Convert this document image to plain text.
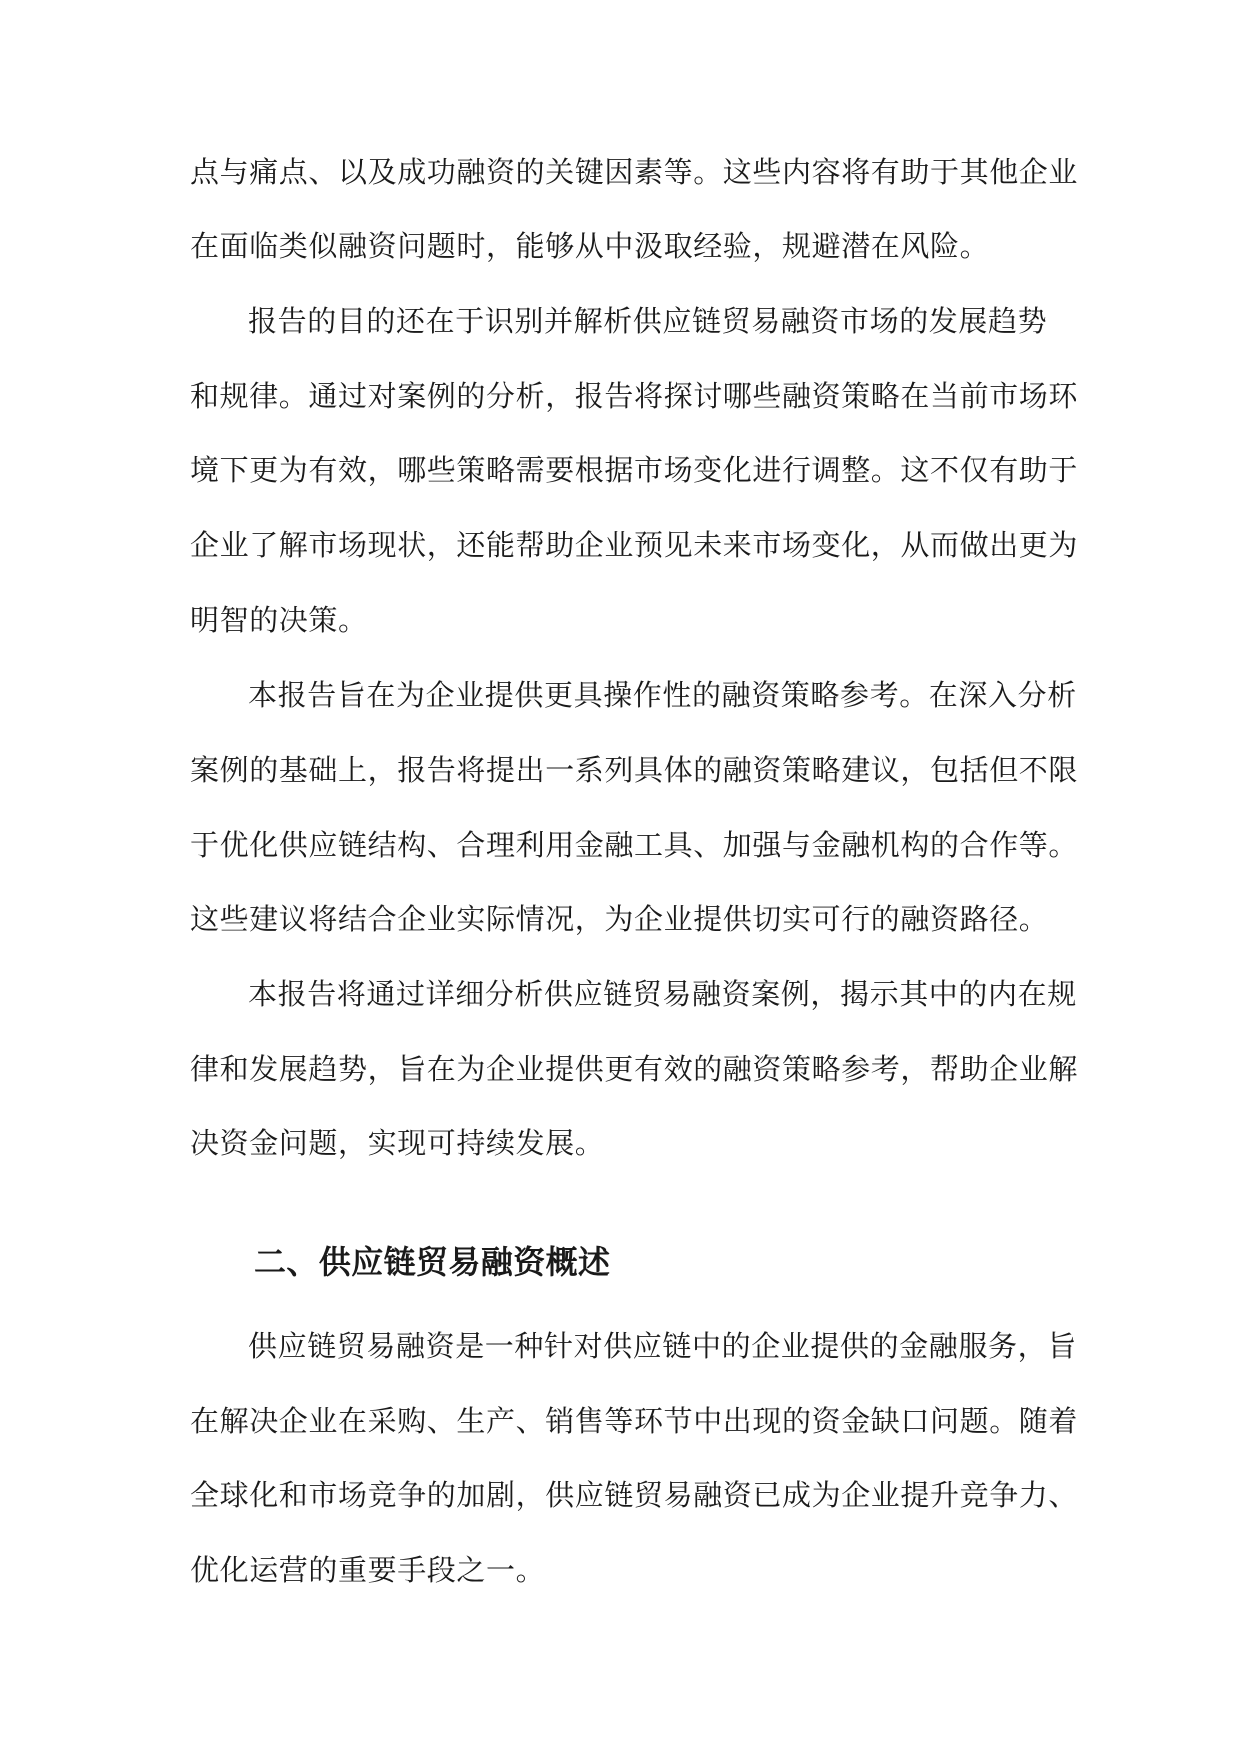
点与痛点、以及成功融资的关键因素等。这些内容将有助于其他企业
在面临类似融资问题时，能够从中汲取经验，规避潜在风险。
报告的目的还在于识别并解析供应链贸易融资市场的发展趋势
和规律。通过对案例的分析，报告将探讨哪些融资策略在当前市场环
境下更为有效，哪些策略需要根据市场变化进行调整。这不仅有助于
企业了解市场现状，还能帮助企业预见未来市场变化，从而做出更为
明智的决策。
本报告旨在为企业提供更具操作性的融资策略参考。在深入分析
案例的基础上，报告将提出一系列具体的融资策略建议，包括但不限
于优化供应链结构、合理利用金融工具、加强与金融机构的合作等。
这些建议将结合企业实际情况，为企业提供切实可行的融资路径。
本报告将通过详细分析供应链贸易融资案例，揭示其中的内在规
律和发展趋势，旨在为企业提供更有效的融资策略参考，帮助企业解
决资金问题，实现可持续发展。
二、供应链贸易融资概述
供应链贸易融资是一种针对供应链中的企业提供的金融服务，旨
在解决企业在采购、生产、销售等环节中出现的资金缺口问题。随着
全球化和市场竞争的加剧，供应链贸易融资已成为企业提升竞争力、
优化运营的重要手段之一。
